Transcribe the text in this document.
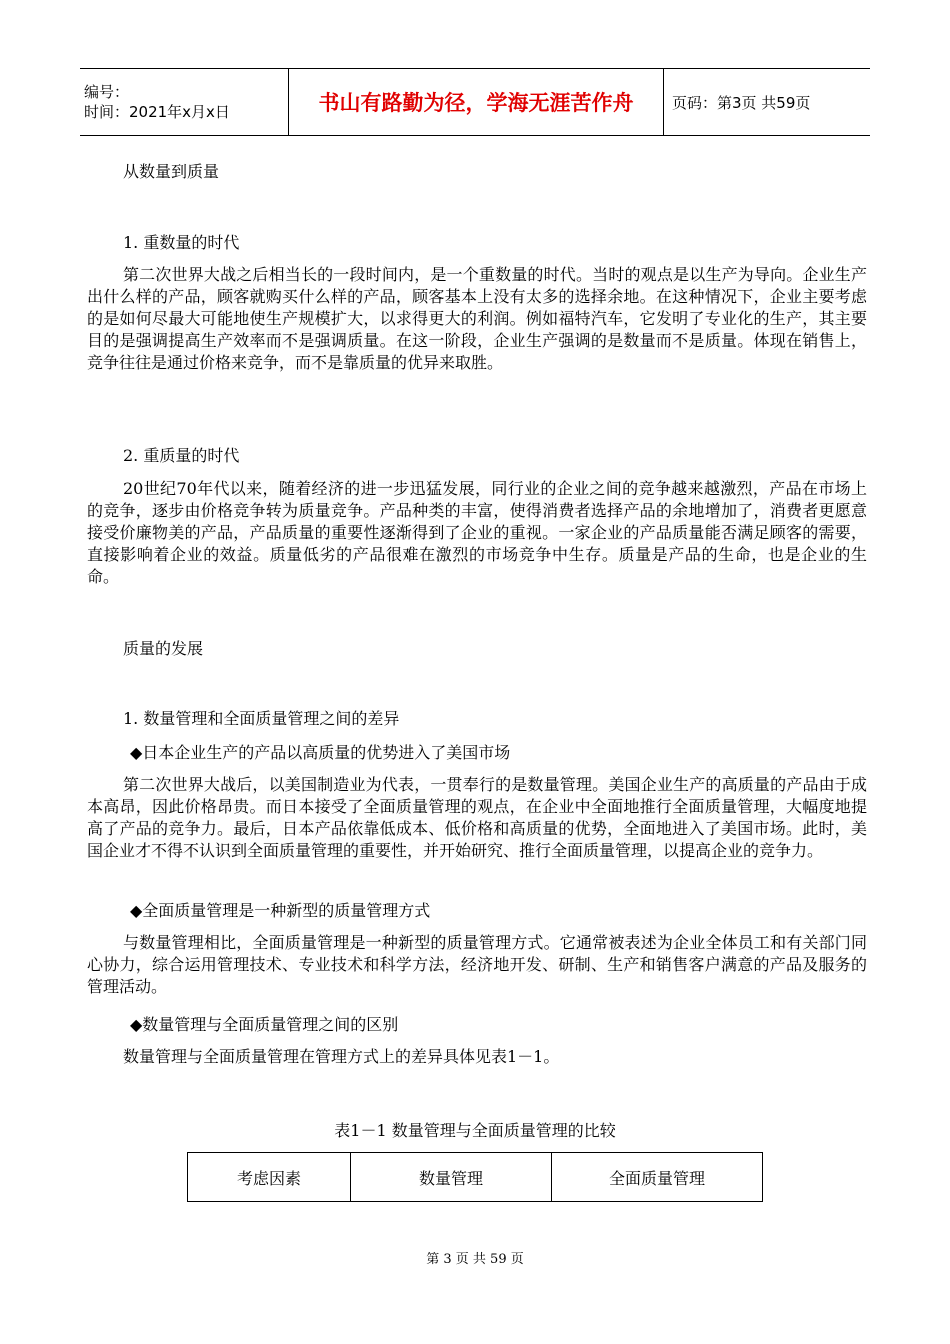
编号：
时间：2021年x月x日	书山有路勤为径，学海无涯苦作舟	页码：第3页 共59页
从数量到质量
1. 重数量的时代
第二次世界大战之后相当长的一段时间内，是一个重数量的时代。当时的观点是以生产为导向。企业生产出什么样的产品，顾客就购买什么样的产品，顾客基本上没有太多的选择余地。在这种情况下，企业主要考虑的是如何尽最大可能地使生产规模扩大，以求得更大的利润。例如福特汽车，它发明了专业化的生产，其主要目的是强调提高生产效率而不是强调质量。在这一阶段，企业生产强调的是数量而不是质量。体现在销售上，竞争往往是通过价格来竞争，而不是靠质量的优异来取胜。
2. 重质量的时代
20世纪70年代以来，随着经济的进一步迅猛发展，同行业的企业之间的竞争越来越激烈，产品在市场上的竞争，逐步由价格竞争转为质量竞争。产品种类的丰富，使得消费者选择产品的余地增加了，消费者更愿意接受价廉物美的产品，产品质量的重要性逐渐得到了企业的重视。一家企业的产品质量能否满足顾客的需要，直接影响着企业的效益。质量低劣的产品很难在激烈的市场竞争中生存。质量是产品的生命，也是企业的生命。
质量的发展
1. 数量管理和全面质量管理之间的差异
◆日本企业生产的产品以高质量的优势进入了美国市场
第二次世界大战后，以美国制造业为代表，一贯奉行的是数量管理。美国企业生产的高质量的产品由于成本高昂，因此价格昂贵。而日本接受了全面质量管理的观点，在企业中全面地推行全面质量管理，大幅度地提高了产品的竞争力。最后，日本产品依靠低成本、低价格和高质量的优势，全面地进入了美国市场。此时，美国企业才不得不认识到全面质量管理的重要性，并开始研究、推行全面质量管理，以提高企业的竞争力。
◆全面质量管理是一种新型的质量管理方式
与数量管理相比，全面质量管理是一种新型的质量管理方式。它通常被表述为企业全体员工和有关部门同心协力，综合运用管理技术、专业技术和科学方法，经济地开发、研制、生产和销售客户满意的产品及服务的管理活动。
◆数量管理与全面质量管理之间的区别
数量管理与全面质量管理在管理方式上的差异具体见表1－1。
表1－1 数量管理与全面质量管理的比较
考虑因素	数量管理	全面质量管理
第 3 页 共 59 页
